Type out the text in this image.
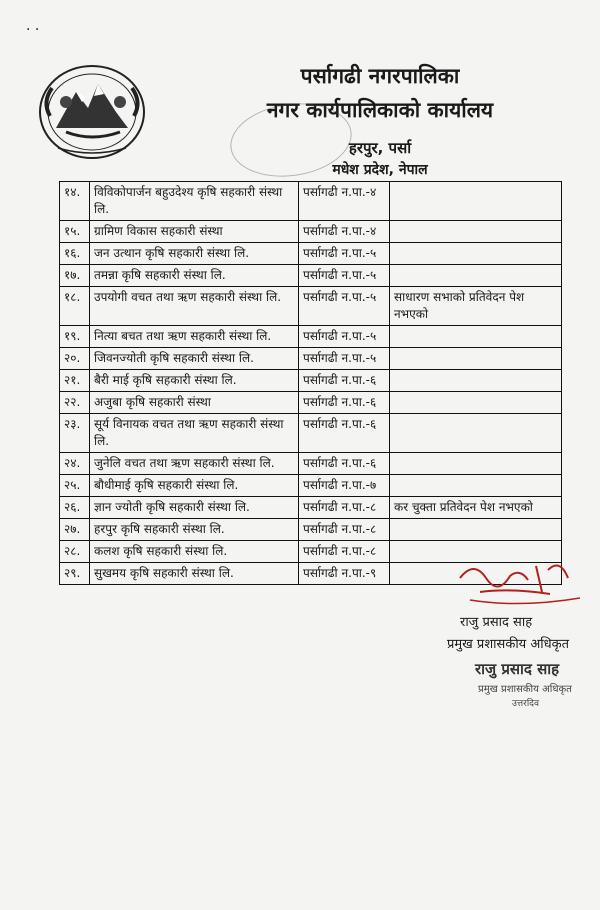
· ·
पर्सागढी नगरपालिका
नगर कार्यपालिकाको कार्यालय
हरपुर, पर्सा
मधेश प्रदेश, नेपाल
१४.	विविकोपार्जन बहुउदेश्य कृषि सहकारी संस्था लि.	पर्सागढी न.पा.-४	
१५.	ग्रामिण विकास सहकारी संस्था	पर्सागढी न.पा.-४	
१६.	जन उत्थान कृषि सहकारी संस्था लि.	पर्सागढी न.पा.-५	
१७.	तमन्ना कृषि सहकारी संस्था लि.	पर्सागढी न.पा.-५	
१८.	उपयोगी वचत तथा ऋण सहकारी संस्था लि.	पर्सागढी न.पा.-५	साधारण सभाको प्रतिवेदन पेश नभएको
१९.	नित्या बचत तथा ऋण सहकारी संस्था लि.	पर्सागढी न.पा.-५	
२०.	जिवनज्योती कृषि सहकारी संस्था लि.	पर्सागढी न.पा.-५	
२१.	बैरी माई कृषि सहकारी संस्था लि.	पर्सागढी न.पा.-६	
२२.	अजुबा कृषि सहकारी संस्था	पर्सागढी न.पा.-६	
२३.	सूर्य विनायक वचत तथा ऋण सहकारी संस्था लि.	पर्सागढी न.पा.-६	
२४.	जुनेलि वचत तथा ऋण सहकारी संस्था लि.	पर्सागढी न.पा.-६	
२५.	बौधीमाई कृषि सहकारी संस्था लि.	पर्सागढी न.पा.-७	
२६.	ज्ञान ज्योती कृषि सहकारी संस्था लि.	पर्सागढी न.पा.-८	कर चुक्ता प्रतिवेदन पेश नभएको
२७.	हरपुर कृषि सहकारी संस्था लि.	पर्सागढी न.पा.-८	
२८.	कलश कृषि सहकारी संस्था लि.	पर्सागढी न.पा.-८	
२९.	सुखमय कृषि सहकारी संस्था लि.	पर्सागढी न.पा.-९	
राजु प्रसाद साह
प्रमुख प्रशासकीय अधिकृत
राजु प्रसाद साह
प्रमुख प्रशासकीय अधिकृत
उत्तरदिव
